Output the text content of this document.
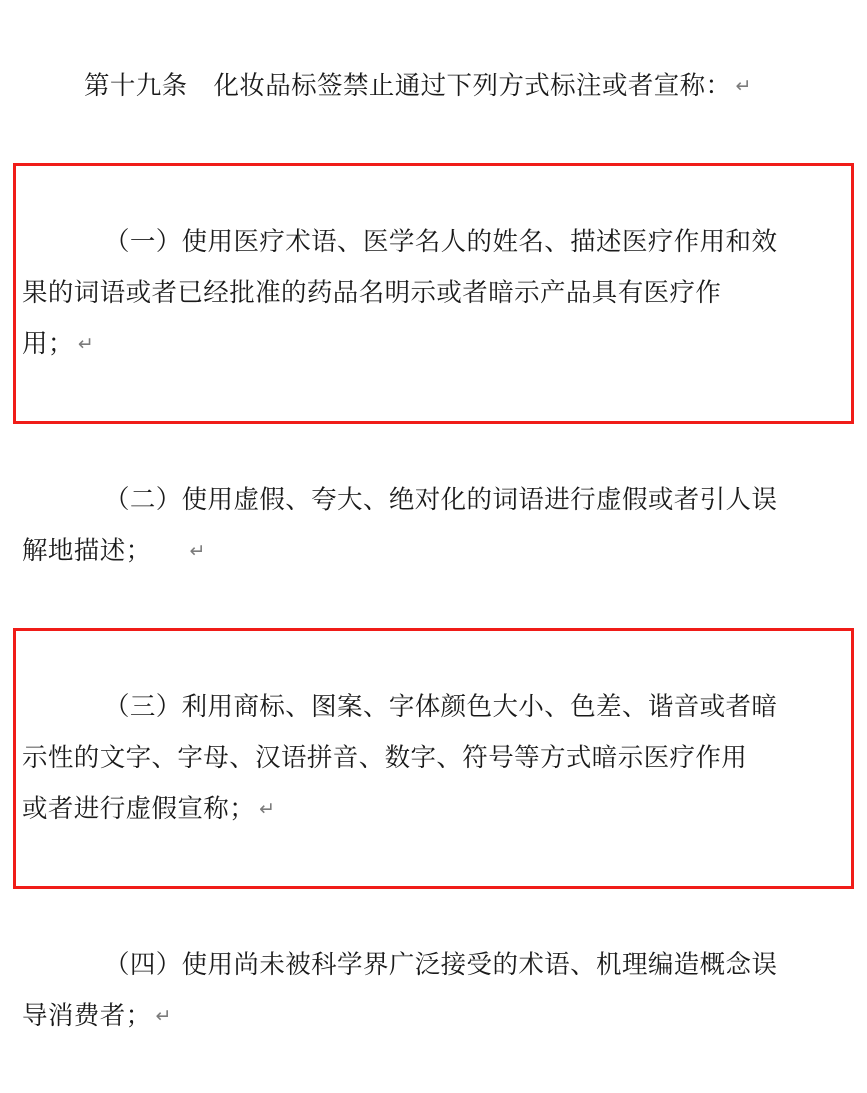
第十九条　化妆品标签禁止通过下列方式标注或者宣称： ↵

（一）使用医疗术语、医学名人的姓名、描述医疗作用和效
果的词语或者已经批准的药品名明示或者暗示产品具有医疗作
用； ↵

（二）使用虚假、夸大、绝对化的词语进行虚假或者引人误
解地描述； ↵

（三）利用商标、图案、字体颜色大小、色差、谐音或者暗
示性的文字、字母、汉语拼音、数字、符号等方式暗示医疗作用
或者进行虚假宣称； ↵

（四）使用尚未被科学界广泛接受的术语、机理编造概念误
导消费者； ↵
